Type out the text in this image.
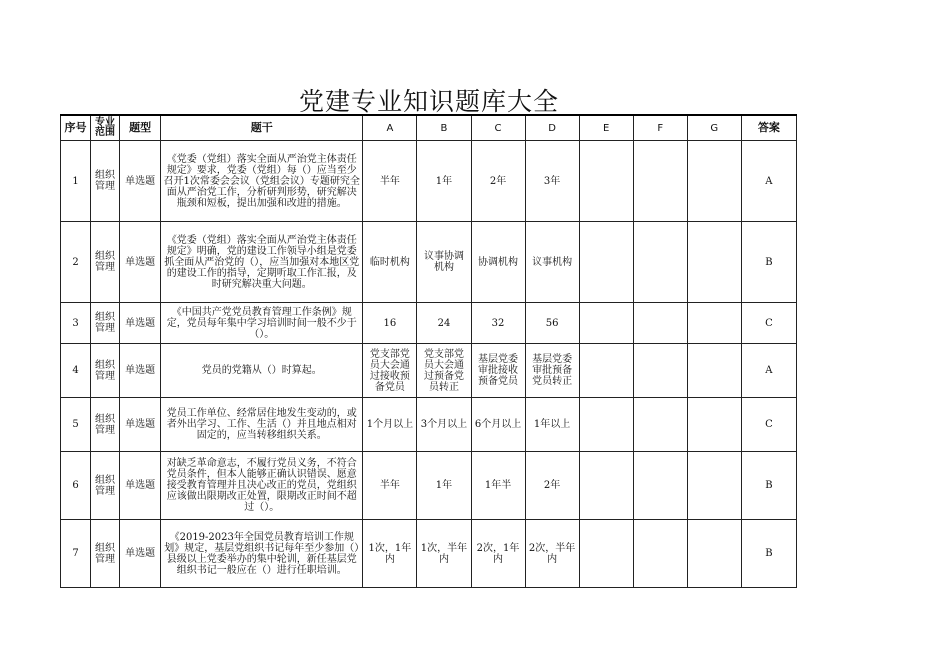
党建专业知识题库大全
序号	专业范围	题型	题干	A	B	C	D	E	F	G	答案
1	组织管理	单选题	《党委（党组）落实全面从严治党主体责任规定》要求，党委（党组）每（）应当至少召开1次常委会会议（党组会议）专题研究全面从严治党工作，分析研判形势，研究解决瓶颈和短板，提出加强和改进的措施。	半年	1年	2年	3年				A
2	组织管理	单选题	《党委（党组）落实全面从严治党主体责任规定》明确，党的建设工作领导小组是党委抓全面从严治党的（），应当加强对本地区党的建设工作的指导，定期听取工作汇报，及时研究解决重大问题。	临时机构	议事协调机构	协调机构	议事机构				B
3	组织管理	单选题	《中国共产党党员教育管理工作条例》规定，党员每年集中学习培训时间一般不少于（）。	16	24	32	56				C
4	组织管理	单选题	党员的党籍从（）时算起。	党支部党员大会通过接收预备党员	党支部党员大会通过预备党员转正	基层党委审批接收预备党员	基层党委审批预备党员转正				A
5	组织管理	单选题	党员工作单位、经常居住地发生变动的，或者外出学习、工作、生活（）并且地点相对固定的，应当转移组织关系。	1个月以上	3个月以上	6个月以上	1年以上				C
6	组织管理	单选题	对缺乏革命意志，不履行党员义务，不符合党员条件，但本人能够正确认识错误、愿意接受教育管理并且决心改正的党员，党组织应该做出限期改正处置，限期改正时间不超过（）。	半年	1年	1年半	2年				B
7	组织管理	单选题	《2019-2023年全国党员教育培训工作规划》规定，基层党组织书记每年至少参加（）县级以上党委举办的集中轮训，新任基层党组织书记一般应在（）进行任职培训。	1次，1年内	1次，半年内	2次，1年内	2次，半年内				B
